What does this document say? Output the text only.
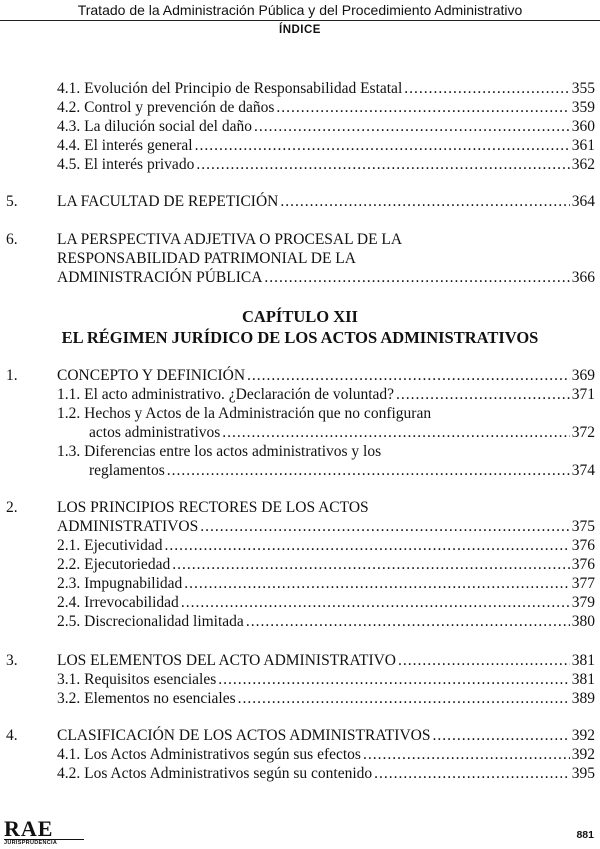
Tratado de la Administración Pública y del Procedimiento Administrativo
ÍNDICE
4.1. Evolución del Principio de Responsabilidad Estatal .....	355
4.2. Control y prevención de daños .....	359
4.3. La dilución social del daño .....	360
4.4. El interés general .....	361
4.5. El interés privado .....	362
5.	LA FACULTAD DE REPETICIÓN .....	364
6.	LA PERSPECTIVA ADJETIVA O PROCESAL DE LA
RESPONSABILIDAD PATRIMONIAL DE LA
ADMINISTRACIÓN PÚBLICA .....	366
CAPÍTULO XII
EL RÉGIMEN JURÍDICO DE LOS ACTOS ADMINISTRATIVOS
1.	CONCEPTO Y DEFINICIÓN .....	369
1.1. El acto administrativo. ¿Declaración de voluntad? .....	371
1.2. Hechos y Actos de la Administración que no configuran
actos administrativos .....	372
1.3. Diferencias entre los actos administrativos y los
reglamentos .....	374
2.	LOS PRINCIPIOS RECTORES DE LOS ACTOS
ADMINISTRATIVOS .....	375
2.1. Ejecutividad .....	376
2.2. Ejecutoriedad .....	376
2.3. Impugnabilidad .....	377
2.4. Irrevocabilidad .....	379
2.5. Discrecionalidad limitada .....	380
3.	LOS ELEMENTOS DEL ACTO ADMINISTRATIVO .....	381
3.1. Requisitos esenciales .....	381
3.2. Elementos no esenciales .....	389
4.	CLASIFICACIÓN DE LOS ACTOS ADMINISTRATIVOS .....	392
4.1. Los Actos Administrativos según sus efectos .....	392
4.2. Los Actos Administrativos según su contenido .....	395
RAE
JURISPRUDENCIA
881
